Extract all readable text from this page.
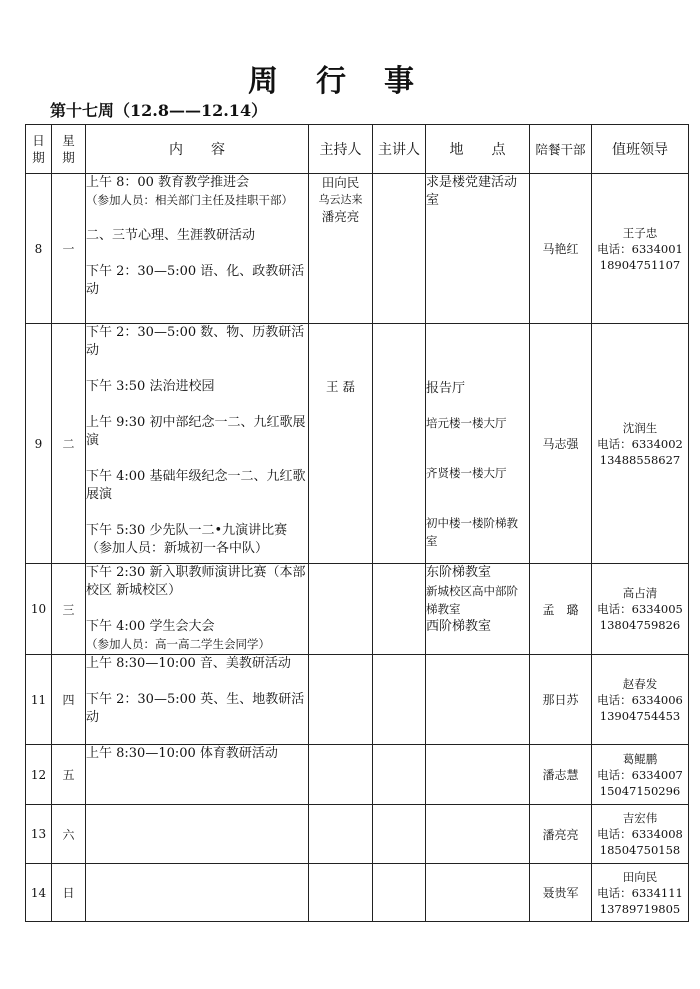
周行事
第十七周（12.8——12.14）
日期	星期	内　　容	主持人	主讲人	地　　点	陪餐干部	值班领导
8	一	上午 8：00 教育教学推进会
（参加人员：相关部门主任及挂职干部）
二、三节心理、生涯教研活动
下午 2：30—5:00 语、化、政教研活动	田向民
乌云达来
潘亮亮		求是楼党建活动室	马艳红	王子忠
电话：6334001
18904751107

9	二	下午 2：30—5:00 数、物、历教研活动
下午 3:50 法治进校园
上午 9:30 初中部纪念一二、九红歌展演
下午 4:00 基础年级纪念一二、九红歌展演
下午 5:30 少先队一二•九演讲比赛（参加人员：新城初一各中队）	王 磊		报告厅
培元楼一楼大厅
齐贤楼一楼大厅
初中楼一楼阶梯教室	马志强	沈润生
电话：6334002
13488558627

10	三	下午 2:30 新入职教师演讲比赛（本部校区 新城校区）
下午 4:00 学生会大会
（参加人员：高一高二学生会同学）			东阶梯教室
新城校区高中部阶梯教室
西阶梯教室	孟　璐	高占清
电话：6334005
13804759826

11	四	上午 8:30—10:00 音、美教研活动
下午 2：30—5:00 英、生、地教研活动				那日苏	赵春发
电话：6334006
13904754453

12	五	上午 8:30—10:00 体育教研活动				潘志慧	葛鲲鹏
电话：6334007
15047150296

13	六					潘亮亮	吉宏伟
电话：6334008
18504750158

14	日					聂贵军	田向民
电话：6334111
13789719805
